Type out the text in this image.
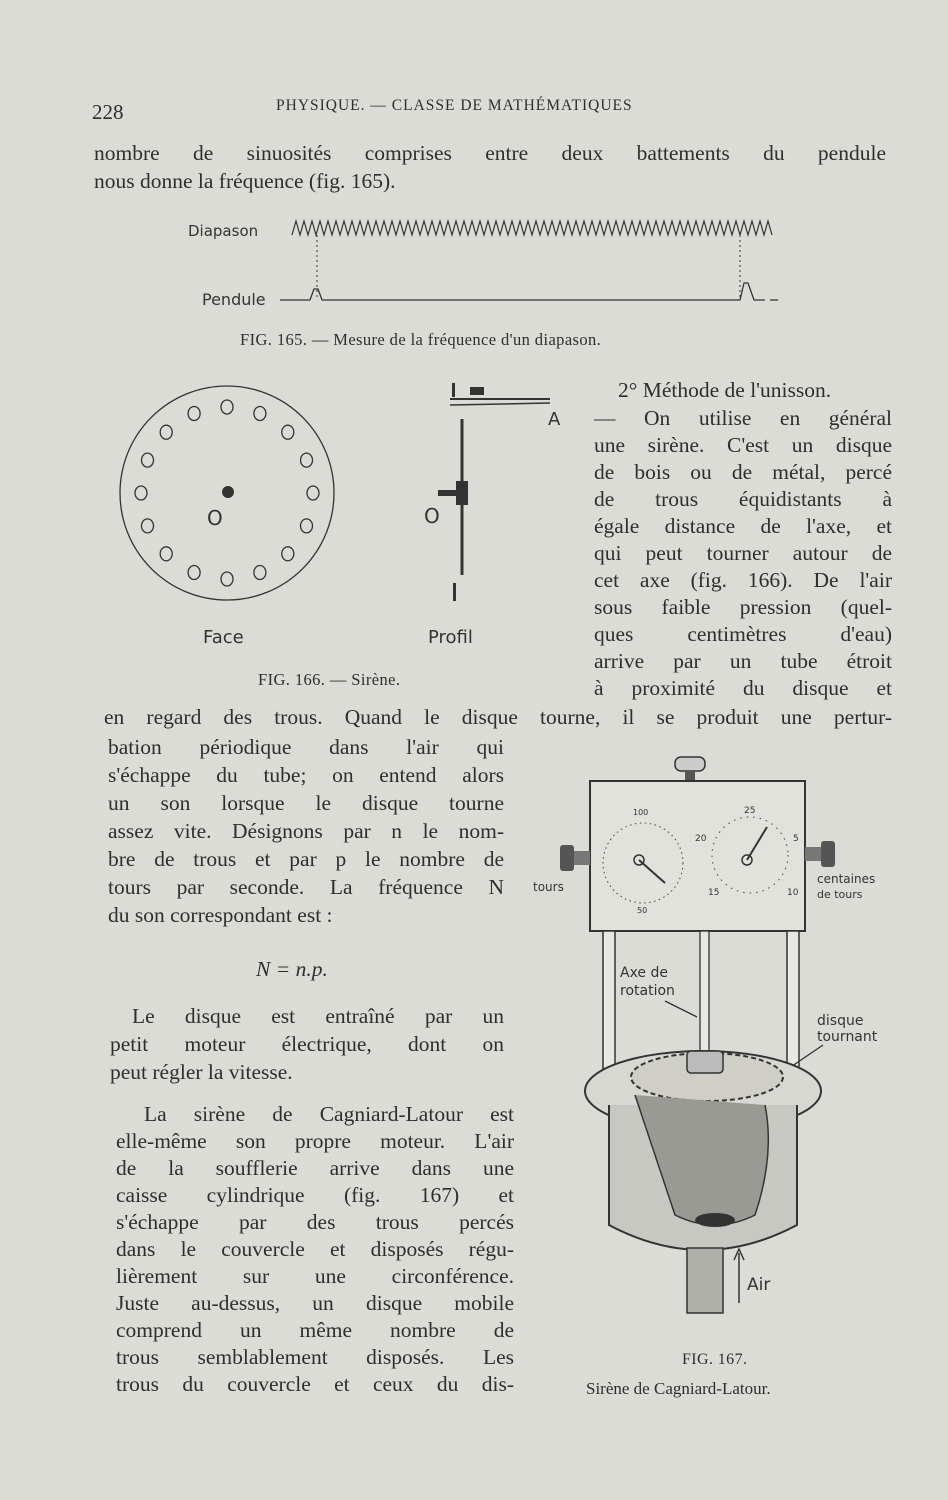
228	PHYSIQUE. — CLASSE DE MATHÉMATIQUES
nombre de sinuosités comprises entre deux battements du pendule
nous donne la fréquence (fig. 165).
Diapason
Pendule
FIG. 165. — Mesure de la fréquence d'un diapason.
O	O
A
Face	Profil
FIG. 166. — Sirène.
2° Méthode de l'unisson.
— On utilise en général
une sirène. C'est un disque
de bois ou de métal, percé
de trous équidistants à
égale distance de l'axe, et
qui peut tourner autour de
cet axe (fig. 166). De l'air
sous faible pression (quel-
ques centimètres d'eau)
arrive par un tube étroit
à proximité du disque et
en regard des trous. Quand le disque tourne, il se produit une pertur-
bation périodique dans l'air qui
s'échappe du tube; on entend alors
un son lorsque le disque tourne
assez vite. Désignons par n le nom-
bre de trous et par p le nombre de
tours par seconde. La fréquence N
du son correspondant est :
N = n.p.
Le disque est entraîné par un
petit moteur électrique, dont on
peut régler la vitesse.
La sirène de Cagniard-Latour est
elle-même son propre moteur. L'air
de la soufflerie arrive dans une
caisse cylindrique (fig. 167) et
s'échappe par des trous percés
dans le couvercle et disposés régu-
lièrement sur une circonférence.
Juste au-dessus, un disque mobile
comprend un même nombre de
trous semblablement disposés. Les
trous du couvercle et ceux du dis-
100
50
25
20	5
15	10
tours
centaines
de tours
Axe de
rotation
disque
tournant
Air
FIG. 167.
Sirène de Cagniard-Latour.
